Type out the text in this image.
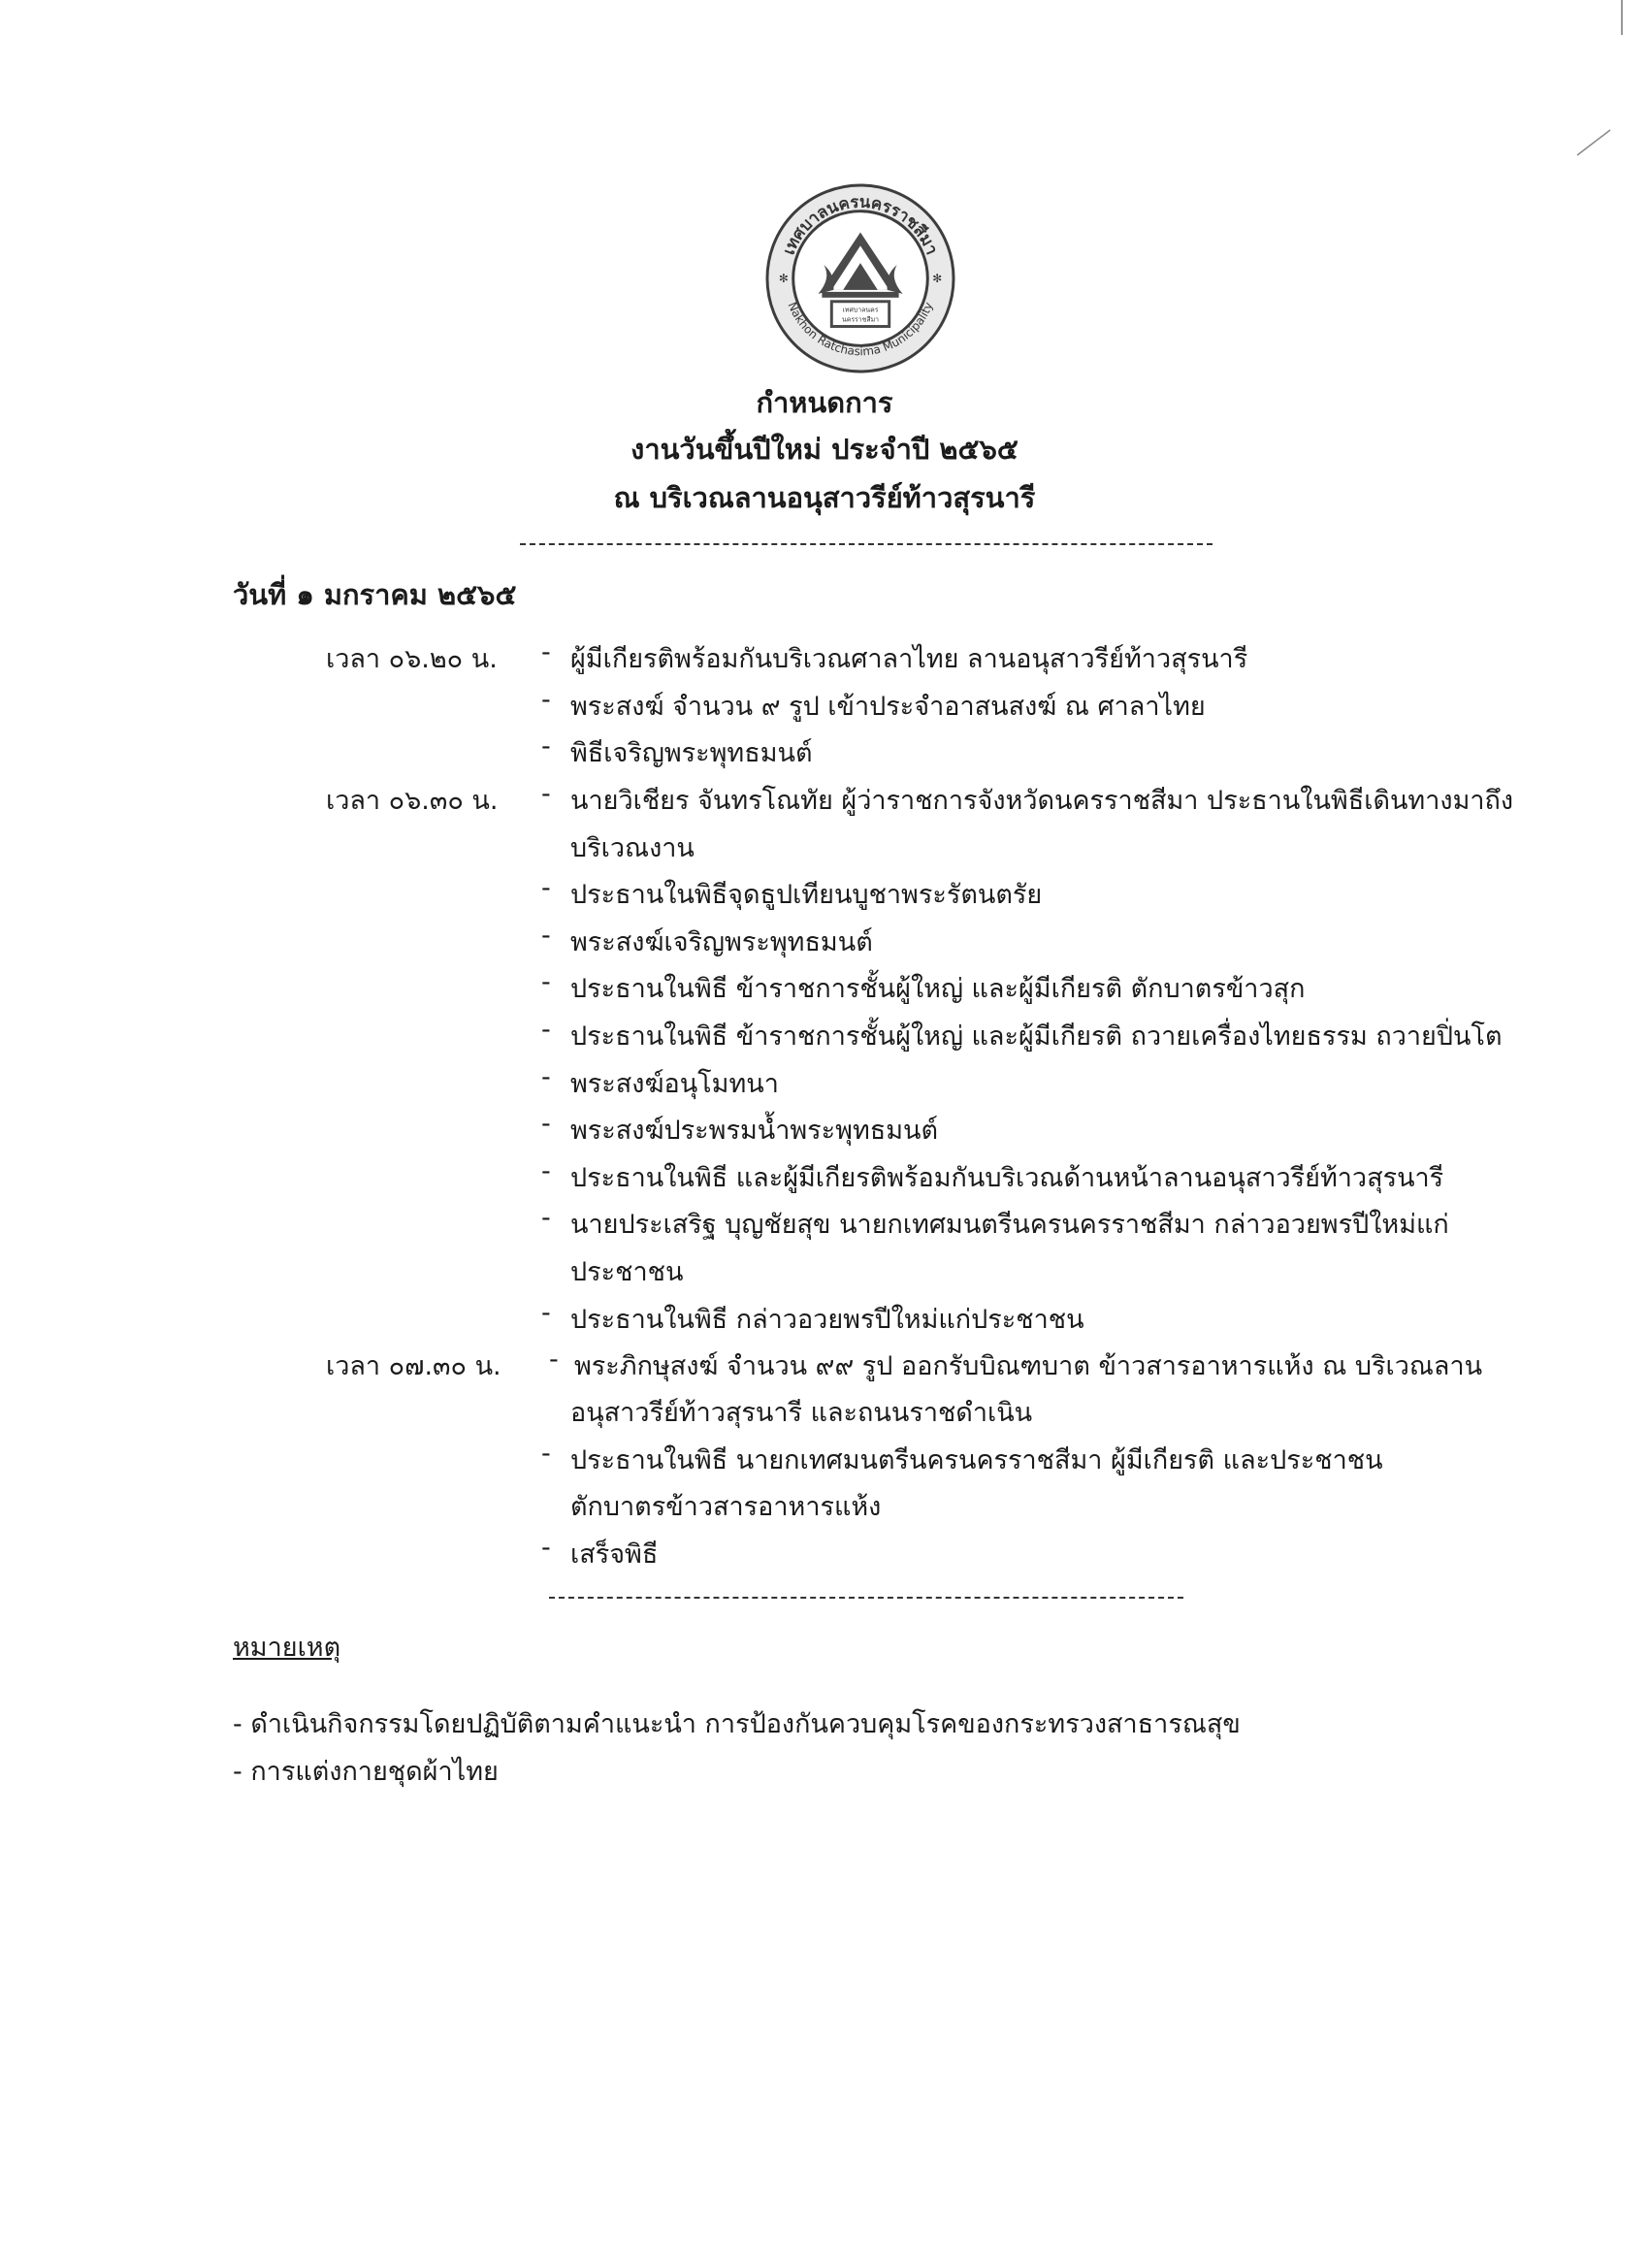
เทศบาลนครนครราชสีมา
Nakhon Ratchasima Municipality
✻	✻
เทศบาลนคร
นครราชสีมา
กำหนดการ
งานวันขึ้นปีใหม่ ประจำปี ๒๕๖๕
ณ บริเวณลานอนุสาวรีย์ท้าวสุรนารี
วันที่ ๑ มกราคม ๒๕๖๕
เวลา ๐๖.๒๐ น. - ผู้มีเกียรติพร้อมกันบริเวณศาลาไทย ลานอนุสาวรีย์ท้าวสุรนารี
- พระสงฆ์ จำนวน ๙ รูป เข้าประจำอาสนสงฆ์ ณ ศาลาไทย
- พิธีเจริญพระพุทธมนต์
เวลา ๐๖.๓๐ น. - นายวิเชียร จันทรโณทัย ผู้ว่าราชการจังหวัดนครราชสีมา ประธานในพิธีเดินทางมาถึง
บริเวณงาน
- ประธานในพิธีจุดธูปเทียนบูชาพระรัตนตรัย
- พระสงฆ์เจริญพระพุทธมนต์
- ประธานในพิธี ข้าราชการชั้นผู้ใหญ่ และผู้มีเกียรติ ตักบาตรข้าวสุก
- ประธานในพิธี ข้าราชการชั้นผู้ใหญ่ และผู้มีเกียรติ ถวายเครื่องไทยธรรม ถวายปิ่นโต
- พระสงฆ์อนุโมทนา
- พระสงฆ์ประพรมน้ำพระพุทธมนต์
- ประธานในพิธี และผู้มีเกียรติพร้อมกันบริเวณด้านหน้าลานอนุสาวรีย์ท้าวสุรนารี
- นายประเสริฐ บุญชัยสุข นายกเทศมนตรีนครนครราชสีมา กล่าวอวยพรปีใหม่แก่
ประชาชน
- ประธานในพิธี กล่าวอวยพรปีใหม่แก่ประชาชน
เวลา ๐๗.๓๐ น. - พระภิกษุสงฆ์ จำนวน ๙๙ รูป ออกรับบิณฑบาต ข้าวสารอาหารแห้ง ณ บริเวณลาน
อนุสาวรีย์ท้าวสุรนารี และถนนราชดำเนิน
- ประธานในพิธี นายกเทศมนตรีนครนครราชสีมา ผู้มีเกียรติ และประชาชน
ตักบาตรข้าวสารอาหารแห้ง
- เสร็จพิธี
หมายเหตุ
- ดำเนินกิจกรรมโดยปฏิบัติตามคำแนะนำ การป้องกันควบคุมโรคของกระทรวงสาธารณสุข
- การแต่งกายชุดผ้าไทย
